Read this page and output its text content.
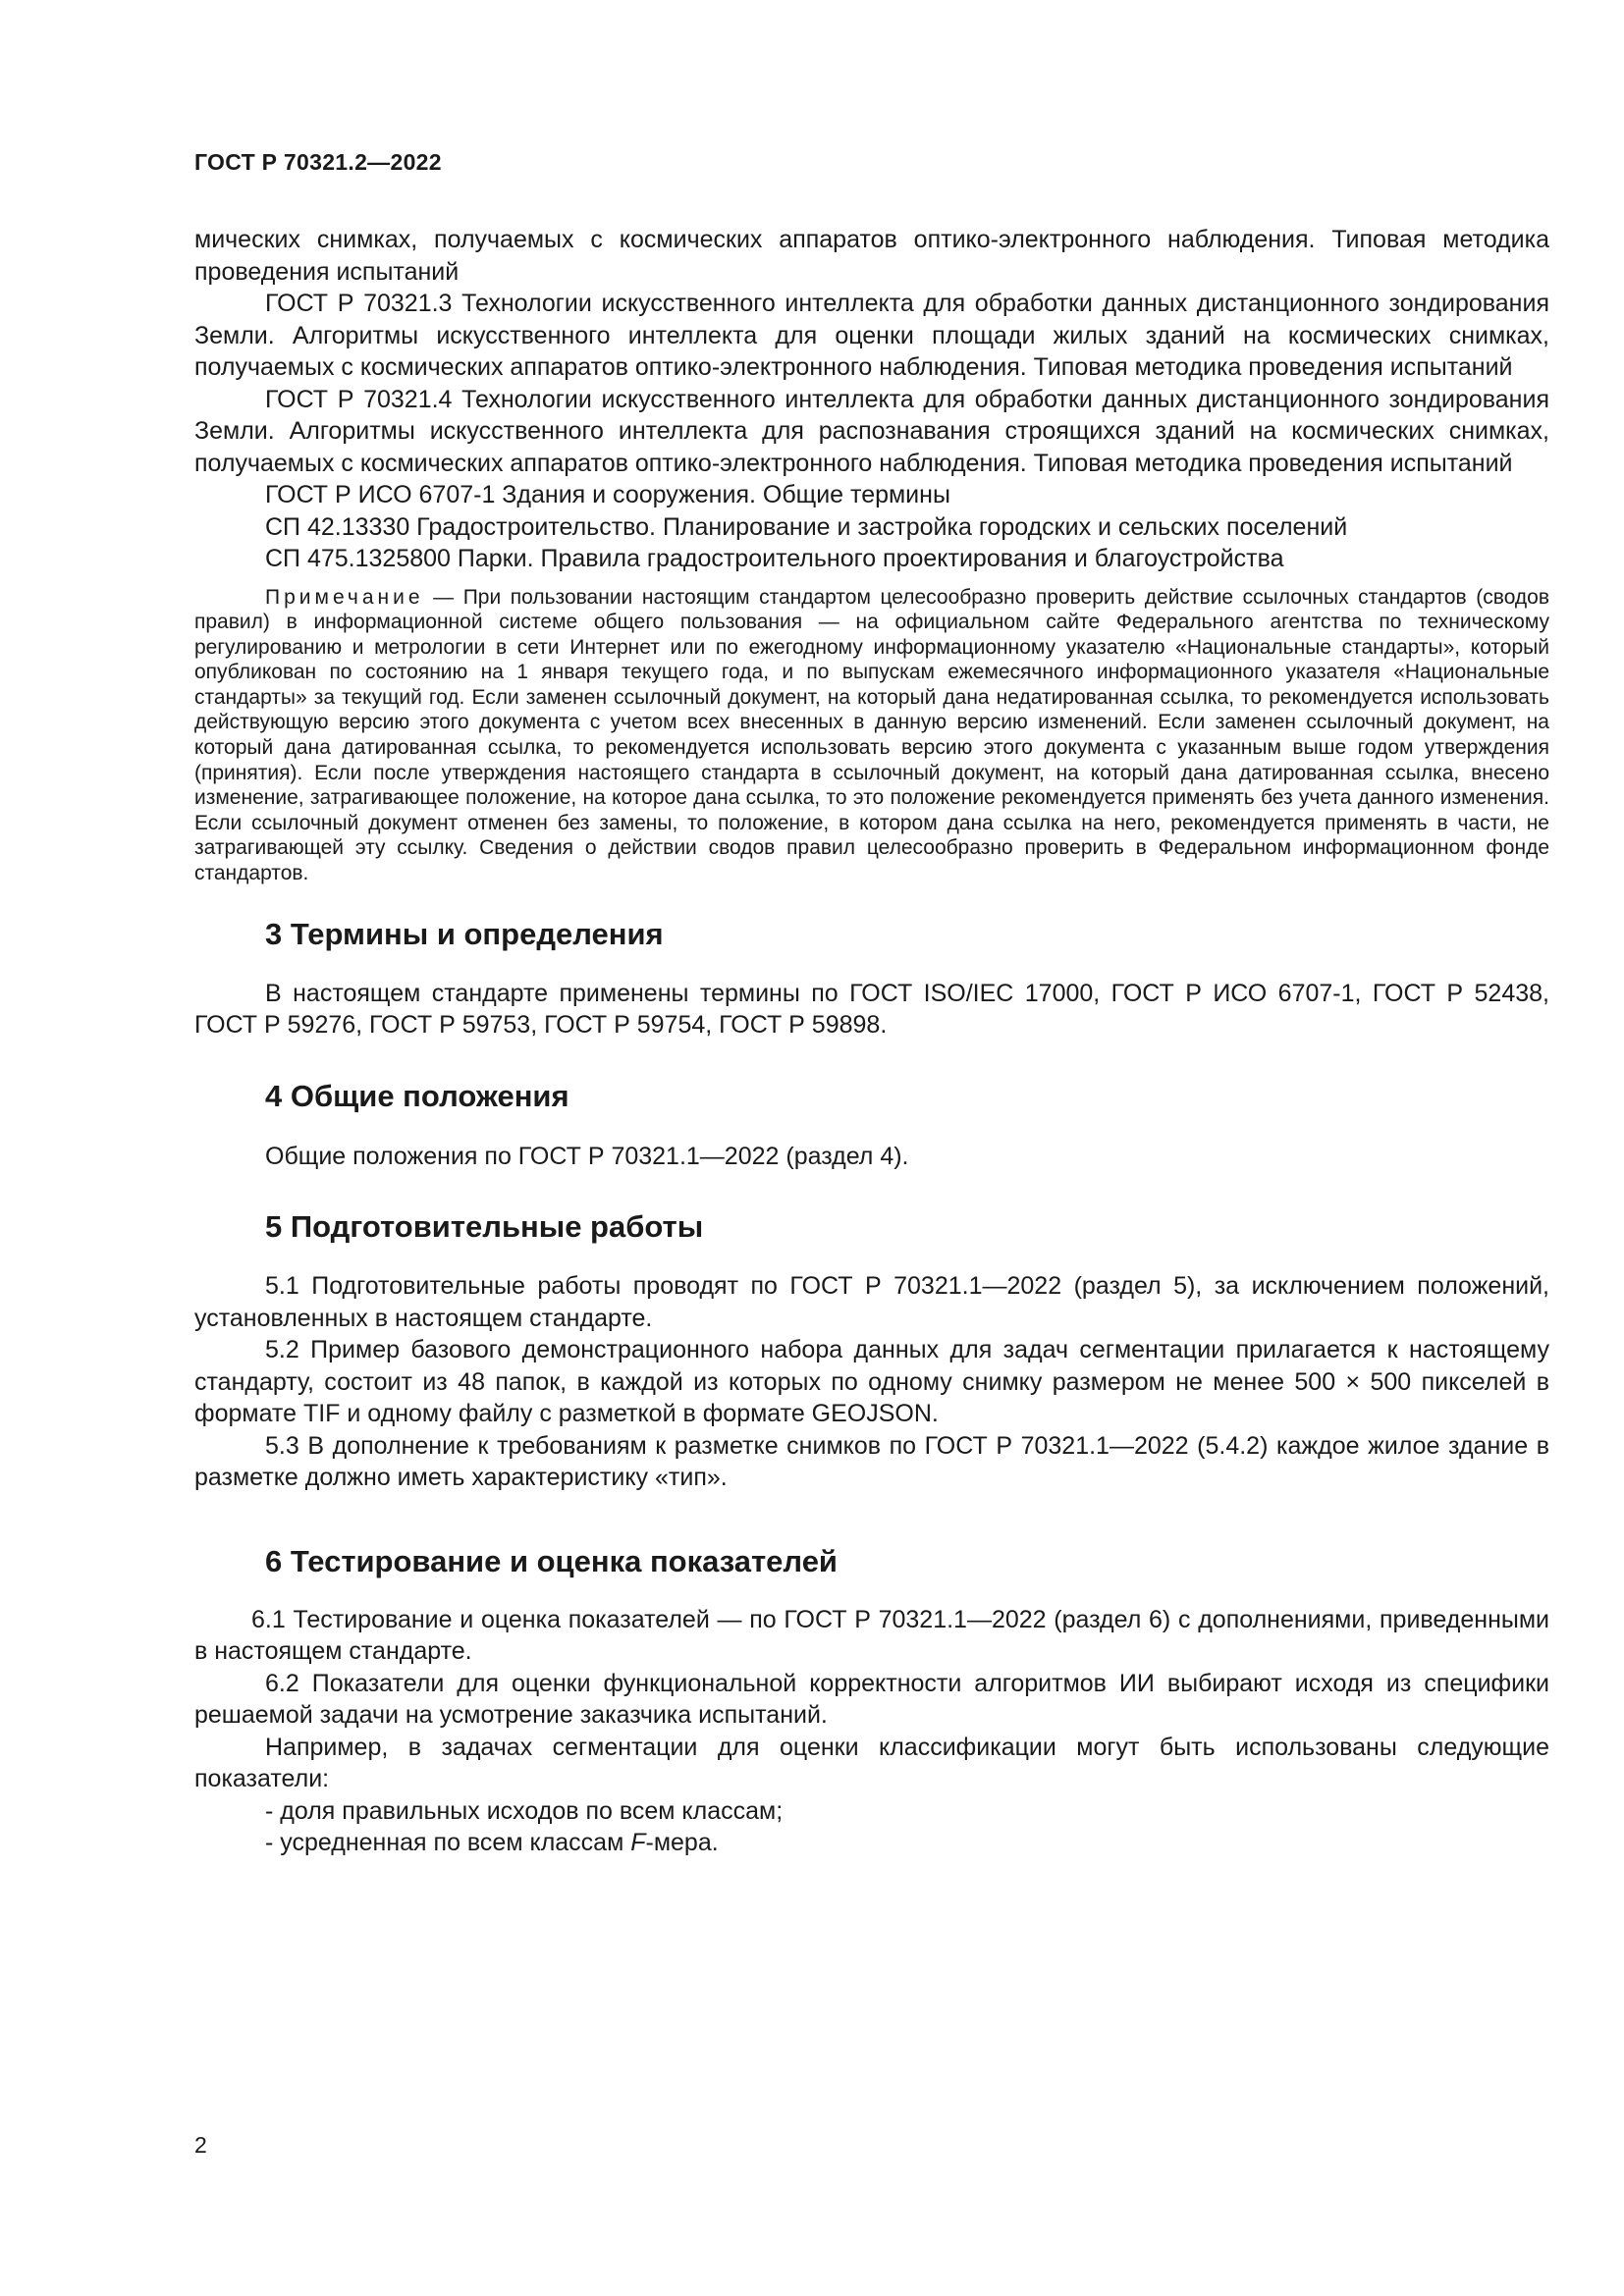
ГОСТ Р 70321.2—2022

мических снимках, получаемых с космических аппаратов оптико-электронного наблюдения. Типовая методика проведения испытаний

ГОСТ Р 70321.3 Технологии искусственного интеллекта для обработки данных дистанционного зондирования Земли. Алгоритмы искусственного интеллекта для оценки площади жилых зданий на космических снимках, получаемых с космических аппаратов оптико-электронного наблюдения. Типовая методика проведения испытаний

ГОСТ Р 70321.4 Технологии искусственного интеллекта для обработки данных дистанционного зондирования Земли. Алгоритмы искусственного интеллекта для распознавания строящихся зданий на космических снимках, получаемых с космических аппаратов оптико-электронного наблюдения. Типовая методика проведения испытаний

ГОСТ Р ИСО 6707-1 Здания и сооружения. Общие термины

СП 42.13330 Градостроительство. Планирование и застройка городских и сельских поселений

СП 475.1325800 Парки. Правила градостроительного проектирования и благоустройства

Примечание — При пользовании настоящим стандартом целесообразно проверить действие ссылочных стандартов (сводов правил) в информационной системе общего пользования — на официальном сайте Федерального агентства по техническому регулированию и метрологии в сети Интернет или по ежегодному информационному указателю «Национальные стандарты», который опубликован по состоянию на 1 января текущего года, и по выпускам ежемесячного информационного указателя «Национальные стандарты» за текущий год. Если заменен ссылочный документ, на который дана недатированная ссылка, то рекомендуется использовать действующую версию этого документа с учетом всех внесенных в данную версию изменений. Если заменен ссылочный документ, на который дана датированная ссылка, то рекомендуется использовать версию этого документа с указанным выше годом утверждения (принятия). Если после утверждения настоящего стандарта в ссылочный документ, на который дана датированная ссылка, внесено изменение, затрагивающее положение, на которое дана ссылка, то это положение рекомендуется применять без учета данного изменения. Если ссылочный документ отменен без замены, то положение, в котором дана ссылка на него, рекомендуется применять в части, не затрагивающей эту ссылку. Сведения о действии сводов правил целесообразно проверить в Федеральном информационном фонде стандартов.

3 Термины и определения

В настоящем стандарте применены термины по ГОСТ ISO/IEC 17000, ГОСТ Р ИСО 6707-1, ГОСТ Р 52438, ГОСТ Р 59276, ГОСТ Р 59753, ГОСТ Р 59754, ГОСТ Р 59898.

4 Общие положения

Общие положения по ГОСТ Р 70321.1—2022 (раздел 4).

5 Подготовительные работы

5.1 Подготовительные работы проводят по ГОСТ Р 70321.1—2022 (раздел 5), за исключением положений, установленных в настоящем стандарте.

5.2 Пример базового демонстрационного набора данных для задач сегментации прилагается к настоящему стандарту, состоит из 48 папок, в каждой из которых по одному снимку размером не менее 500 × 500 пикселей в формате TIF и одному файлу с разметкой в формате GEOJSON.

5.3 В дополнение к требованиям к разметке снимков по ГОСТ Р 70321.1—2022 (5.4.2) каждое жилое здание в разметке должно иметь характеристику «тип».

6 Тестирование и оценка показателей

6.1 Тестирование и оценка показателей — по ГОСТ Р 70321.1—2022 (раздел 6) с дополнениями, приведенными в настоящем стандарте.

6.2 Показатели для оценки функциональной корректности алгоритмов ИИ выбирают исходя из специфики решаемой задачи на усмотрение заказчика испытаний.

Например, в задачах сегментации для оценки классификации могут быть использованы следующие показатели:

- доля правильных исходов по всем классам;

- усредненная по всем классам F-мера.

2
